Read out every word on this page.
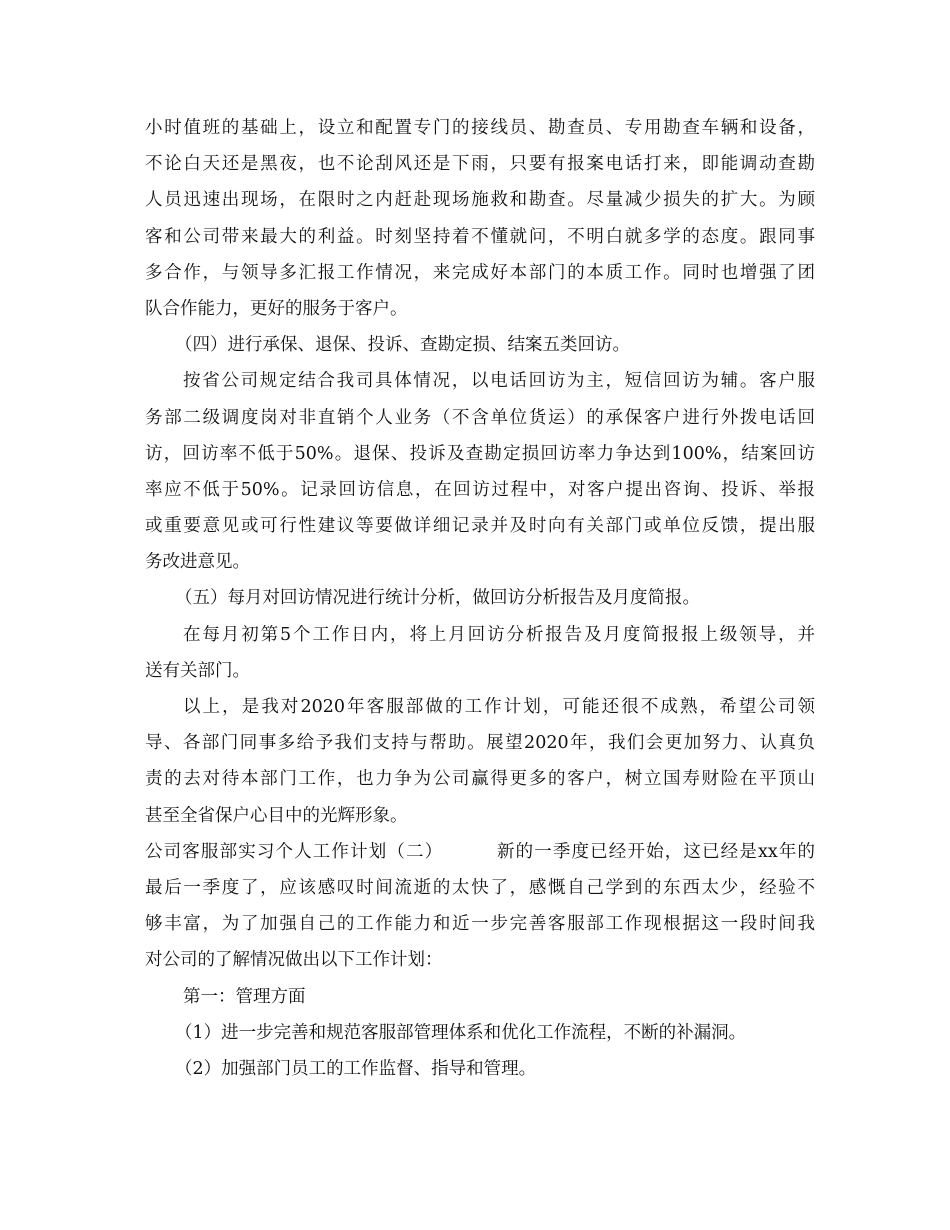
小时值班的基础上，设立和配置专门的接线员、勘查员、专用勘查车辆和设备，
不论白天还是黑夜，也不论刮风还是下雨，只要有报案电话打来，即能调动查勘
人员迅速出现场，在限时之内赶赴现场施救和勘查。尽量减少损失的扩大。为顾
客和公司带来最大的利益。时刻坚持着不懂就问，不明白就多学的态度。跟同事
多合作，与领导多汇报工作情况，来完成好本部门的本质工作。同时也增强了团
队合作能力，更好的服务于客户。
（四）进行承保、退保、投诉、查勘定损、结案五类回访。
按省公司规定结合我司具体情况，以电话回访为主，短信回访为辅。客户服
务部二级调度岗对非直销个人业务（不含单位货运）的承保客户进行外拨电话回
访，回访率不低于50%。退保、投诉及查勘定损回访率力争达到100%，结案回访
率应不低于50%。记录回访信息，在回访过程中，对客户提出咨询、投诉、举报
或重要意见或可行性建议等要做详细记录并及时向有关部门或单位反馈，提出服
务改进意见。
（五）每月对回访情况进行统计分析，做回访分析报告及月度简报。
在每月初第5个工作日内，将上月回访分析报告及月度简报报上级领导，并
送有关部门。
以上，是我对2020年客服部做的工作计划，可能还很不成熟，希望公司领
导、各部门同事多给予我们支持与帮助。展望2020年，我们会更加努力、认真负
责的去对待本部门工作，也力争为公司赢得更多的客户，树立国寿财险在平顶山
甚至全省保户心目中的光辉形象。
公司客服部实习个人工作计划（二）        新的一季度已经开始，这已经是xx年的
最后一季度了，应该感叹时间流逝的太快了，感慨自己学到的东西太少，经验不
够丰富，为了加强自己的工作能力和近一步完善客服部工作现根据这一段时间我
对公司的了解情况做出以下工作计划：
第一：管理方面
（1）进一步完善和规范客服部管理体系和优化工作流程，不断的补漏洞。
（2）加强部门员工的工作监督、指导和管理。
